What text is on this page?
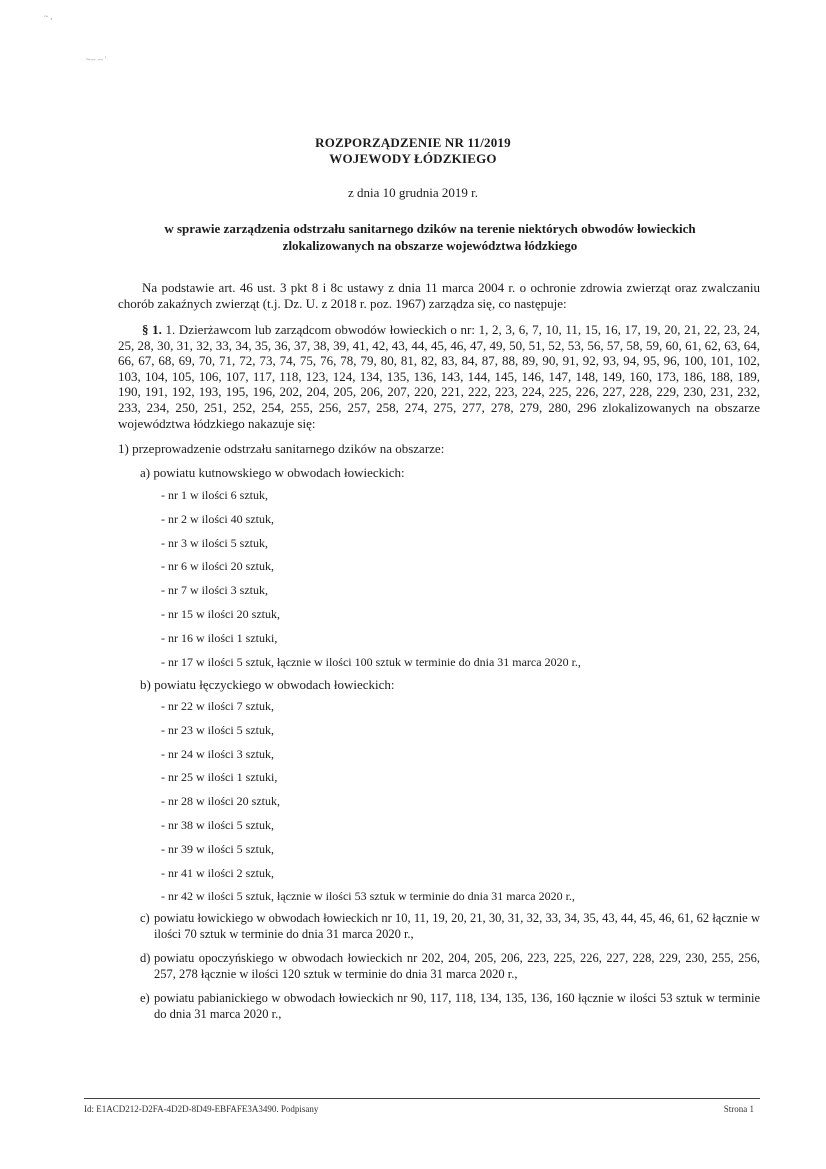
~ ,
~-- -- '
ROZPORZĄDZENIE NR 11/2019
WOJEWODY ŁÓDZKIEGO
z dnia 10 grudnia 2019 r.
w sprawie zarządzenia odstrzału sanitarnego dzików na terenie niektórych obwodów łowieckich zlokalizowanych na obszarze województwa łódzkiego
Na podstawie art. 46 ust. 3 pkt 8 i 8c ustawy z dnia 11 marca 2004 r. o ochronie zdrowia zwierząt oraz zwalczaniu chorób zakaźnych zwierząt (t.j. Dz. U. z 2018 r. poz. 1967) zarządza się, co następuje:
§ 1. 1. Dzierżawcom lub zarządcom obwodów łowieckich o nr: 1, 2, 3, 6, 7, 10, 11, 15, 16, 17, 19, 20, 21, 22, 23, 24, 25, 28, 30, 31, 32, 33, 34, 35, 36, 37, 38, 39, 41, 42, 43, 44, 45, 46, 47, 49, 50, 51, 52, 53, 56, 57, 58, 59, 60, 61, 62, 63, 64, 66, 67, 68, 69, 70, 71, 72, 73, 74, 75, 76, 78, 79, 80, 81, 82, 83, 84, 87, 88, 89, 90, 91, 92, 93, 94, 95, 96, 100, 101, 102, 103, 104, 105, 106, 107, 117, 118, 123, 124, 134, 135, 136, 143, 144, 145, 146, 147, 148, 149, 160, 173, 186, 188, 189, 190, 191, 192, 193, 195, 196, 202, 204, 205, 206, 207, 220, 221, 222, 223, 224, 225, 226, 227, 228, 229, 230, 231, 232, 233, 234, 250, 251, 252, 254, 255, 256, 257, 258, 274, 275, 277, 278, 279, 280, 296 zlokalizowanych na obszarze województwa łódzkiego nakazuje się:
1) przeprowadzenie odstrzału sanitarnego dzików na obszarze:
a) powiatu kutnowskiego w obwodach łowieckich:
- nr 1 w ilości 6 sztuk,
- nr 2 w ilości 40 sztuk,
- nr 3 w ilości 5 sztuk,
- nr 6 w ilości 20 sztuk,
- nr 7 w ilości 3 sztuk,
- nr 15 w ilości 20 sztuk,
- nr 16 w ilości 1 sztuki,
- nr 17 w ilości 5 sztuk, łącznie w ilości 100 sztuk w terminie do dnia 31 marca 2020 r.,
b) powiatu łęczyckiego w obwodach łowieckich:
- nr 22 w ilości 7 sztuk,
- nr 23 w ilości 5 sztuk,
- nr 24 w ilości 3 sztuk,
- nr 25 w ilości 1 sztuki,
- nr 28 w ilości 20 sztuk,
- nr 38 w ilości 5 sztuk,
- nr 39 w ilości 5 sztuk,
- nr 41 w ilości 2 sztuk,
- nr 42 w ilości 5 sztuk, łącznie w ilości 53 sztuk w terminie do dnia 31 marca 2020 r.,
c) powiatu łowickiego w obwodach łowieckich nr 10, 11, 19, 20, 21, 30, 31, 32, 33, 34, 35, 43, 44, 45, 46, 61, 62 łącznie w ilości 70 sztuk w terminie do dnia 31 marca 2020 r.,
d) powiatu opoczyńskiego w obwodach łowieckich nr 202, 204, 205, 206, 223, 225, 226, 227, 228, 229, 230, 255, 256, 257, 278 łącznie w ilości 120 sztuk w terminie do dnia 31 marca 2020 r.,
e) powiatu pabianickiego w obwodach łowieckich nr 90, 117, 118, 134, 135, 136, 160 łącznie w ilości 53 sztuk w terminie do dnia 31 marca 2020 r.,
Id: E1ACD212-D2FA-4D2D-8D49-EBFAFE3A3490. Podpisany	Strona 1
